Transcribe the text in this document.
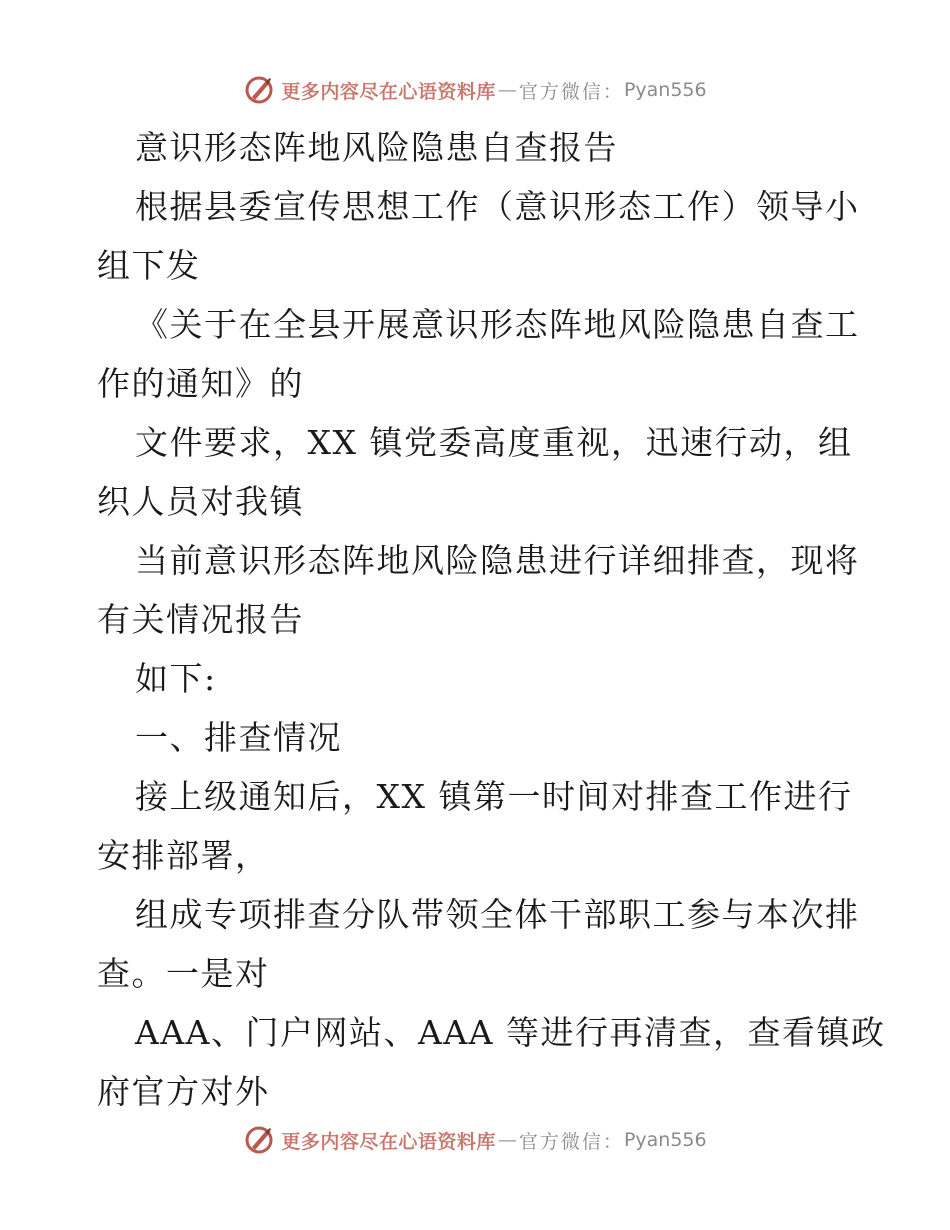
更多内容尽在心语资料库 — 官方微信： Pyan556
意识形态阵地风险隐患自查报告
根据县委宣传思想工作（意识形态工作）领导小
组下发
《关于在全县开展意识形态阵地风险隐患自查工
作的通知》的
文件要求，XX 镇党委高度重视，迅速行动，组
织人员对我镇
当前意识形态阵地风险隐患进行详细排查，现将
有关情况报告
如下:
一、排查情况
接上级通知后，XX 镇第一时间对排查工作进行
安排部署，
组成专项排查分队带领全体干部职工参与本次排
查。一是对
AAA、门户网站、AAA 等进行再清查，查看镇政
府官方对外
更多内容尽在心语资料库 — 官方微信： Pyan556
